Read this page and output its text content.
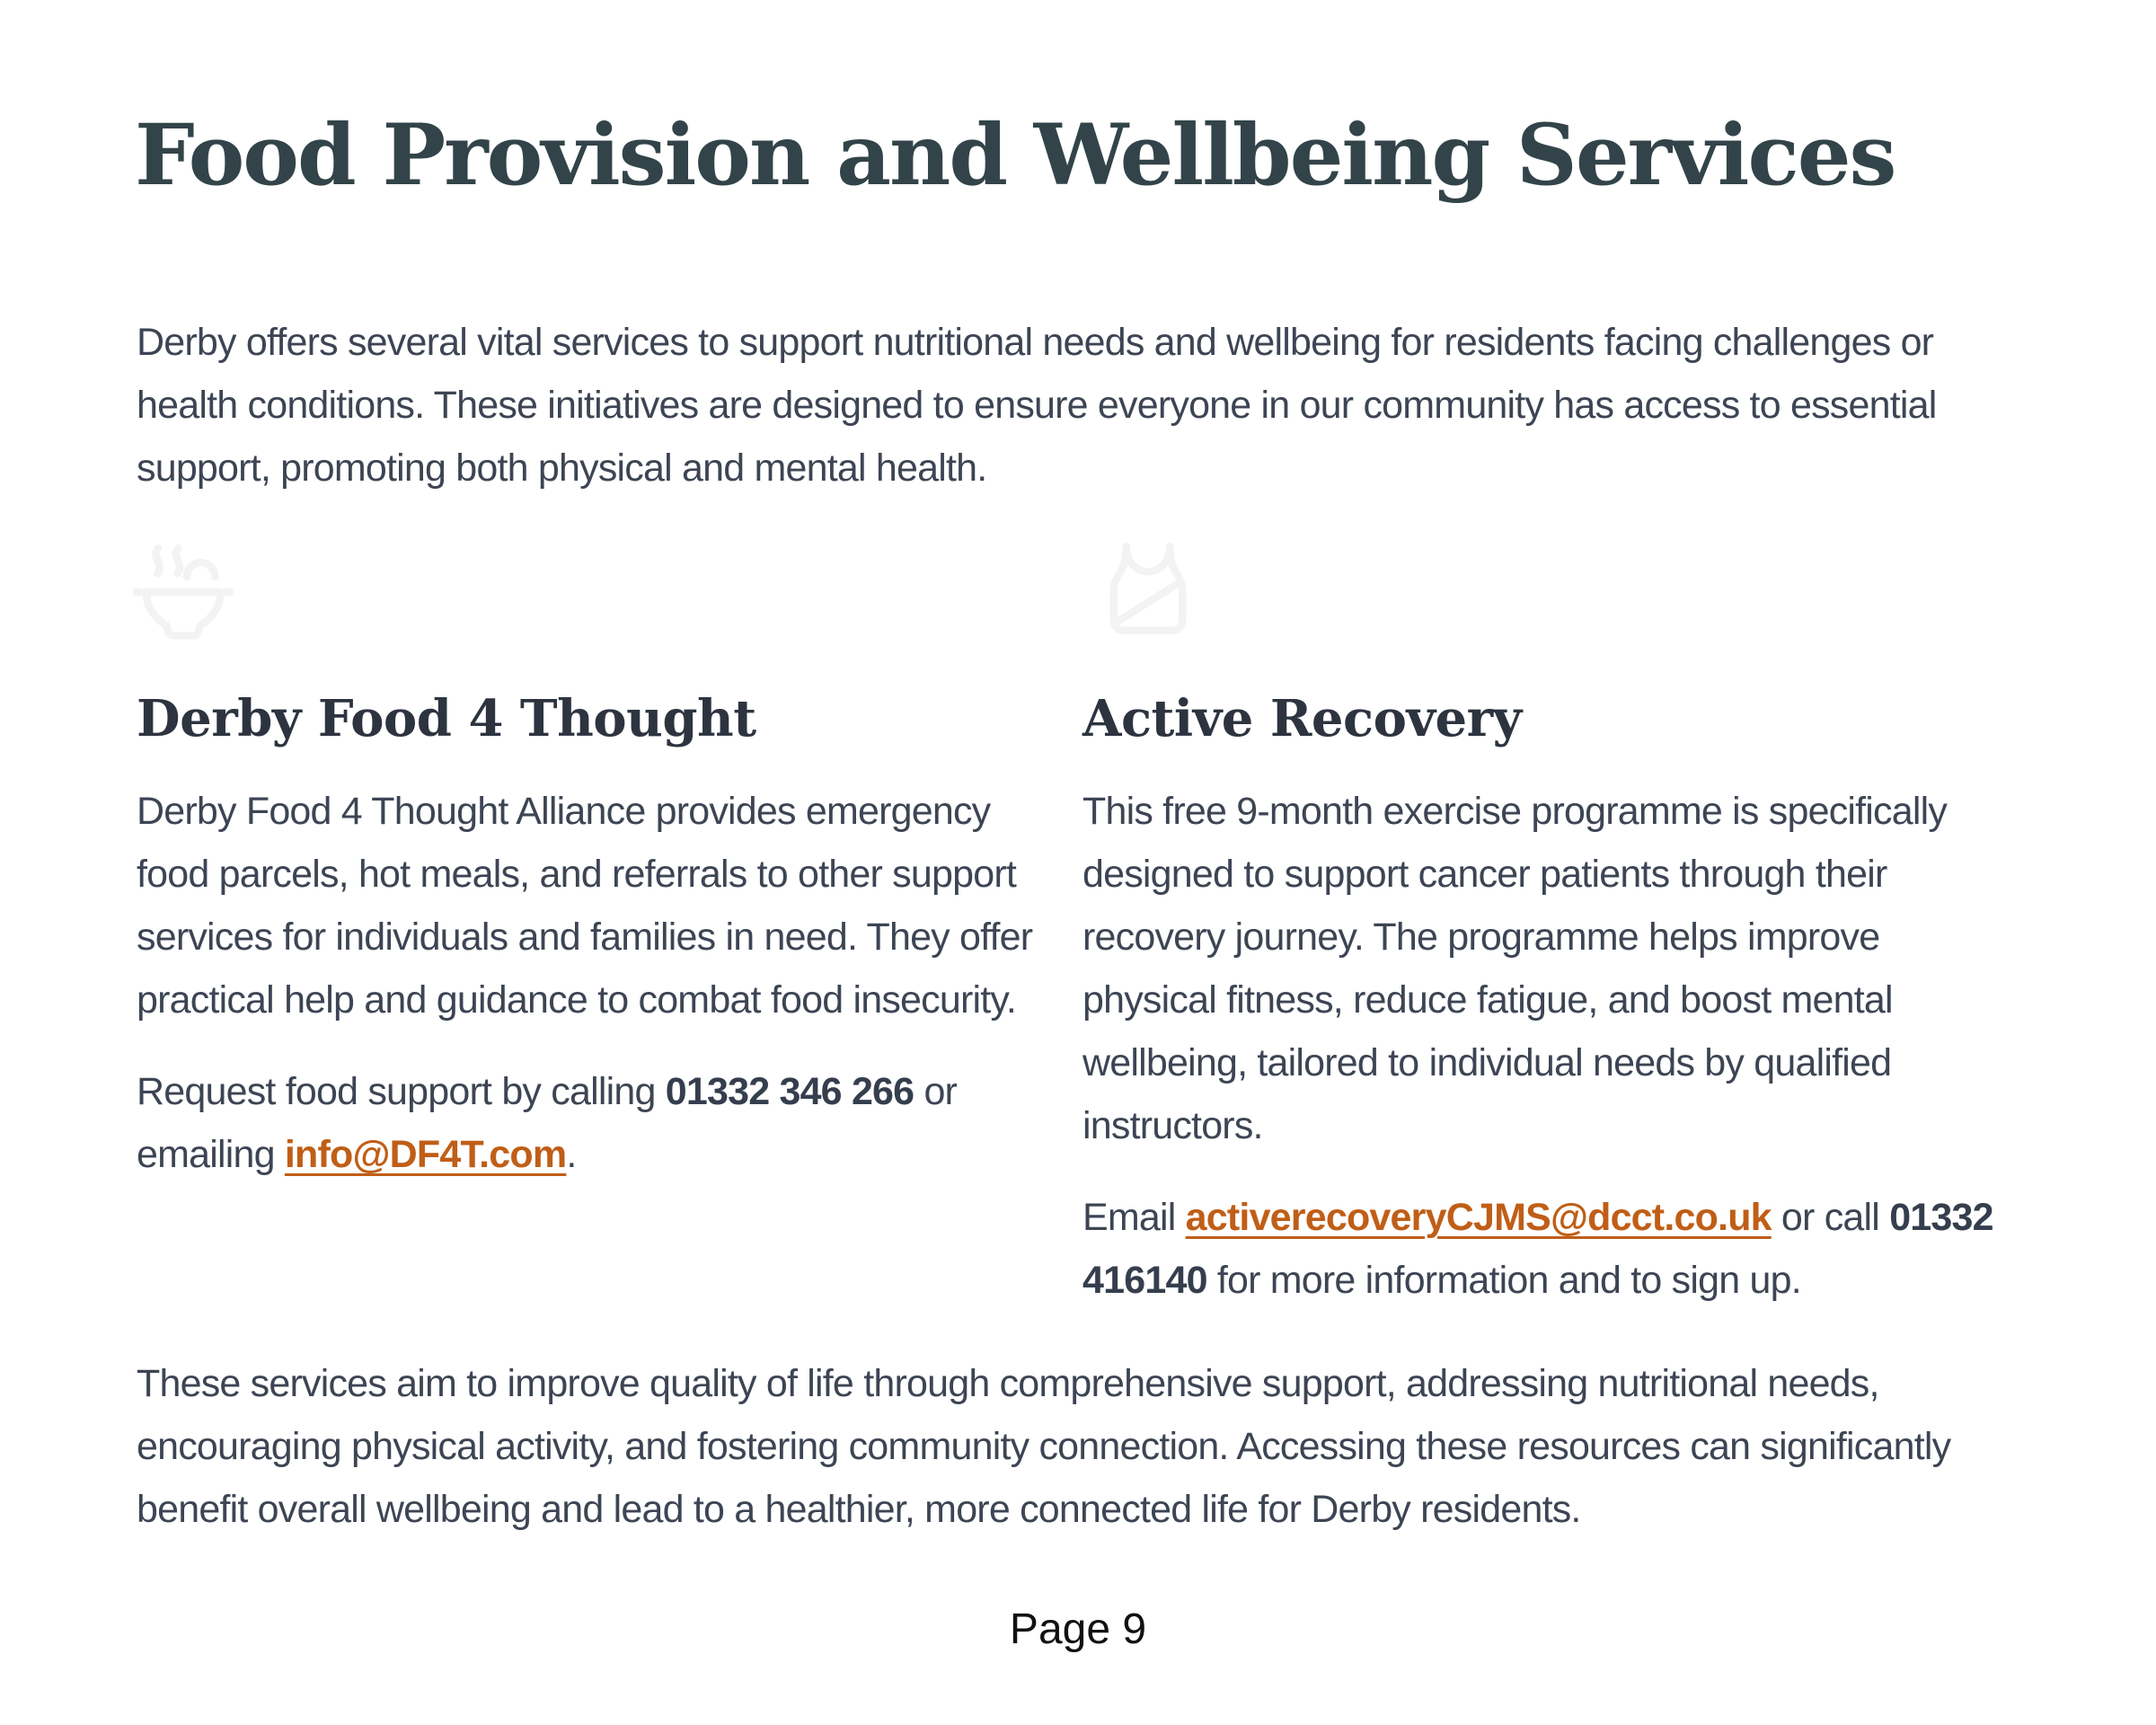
Food Provision and Wellbeing Services

Derby offers several vital services to support nutritional needs and wellbeing for residents facing challenges or health conditions. These initiatives are designed to ensure everyone in our community has access to essential support, promoting both physical and mental health.

Derby Food 4 Thought

Derby Food 4 Thought Alliance provides emergency food parcels, hot meals, and referrals to other support services for individuals and families in need. They offer practical help and guidance to combat food insecurity.

Request food support by calling 01332 346 266 or emailing info@DF4T.com.

Active Recovery

This free 9-month exercise programme is specifically designed to support cancer patients through their recovery journey. The programme helps improve physical fitness, reduce fatigue, and boost mental wellbeing, tailored to individual needs by qualified instructors.

Email activerecoveryCJMS@dcct.co.uk or call 01332 416140 for more information and to sign up.

These services aim to improve quality of life through comprehensive support, addressing nutritional needs, encouraging physical activity, and fostering community connection. Accessing these resources can significantly benefit overall wellbeing and lead to a healthier, more connected life for Derby residents.

Page 9
